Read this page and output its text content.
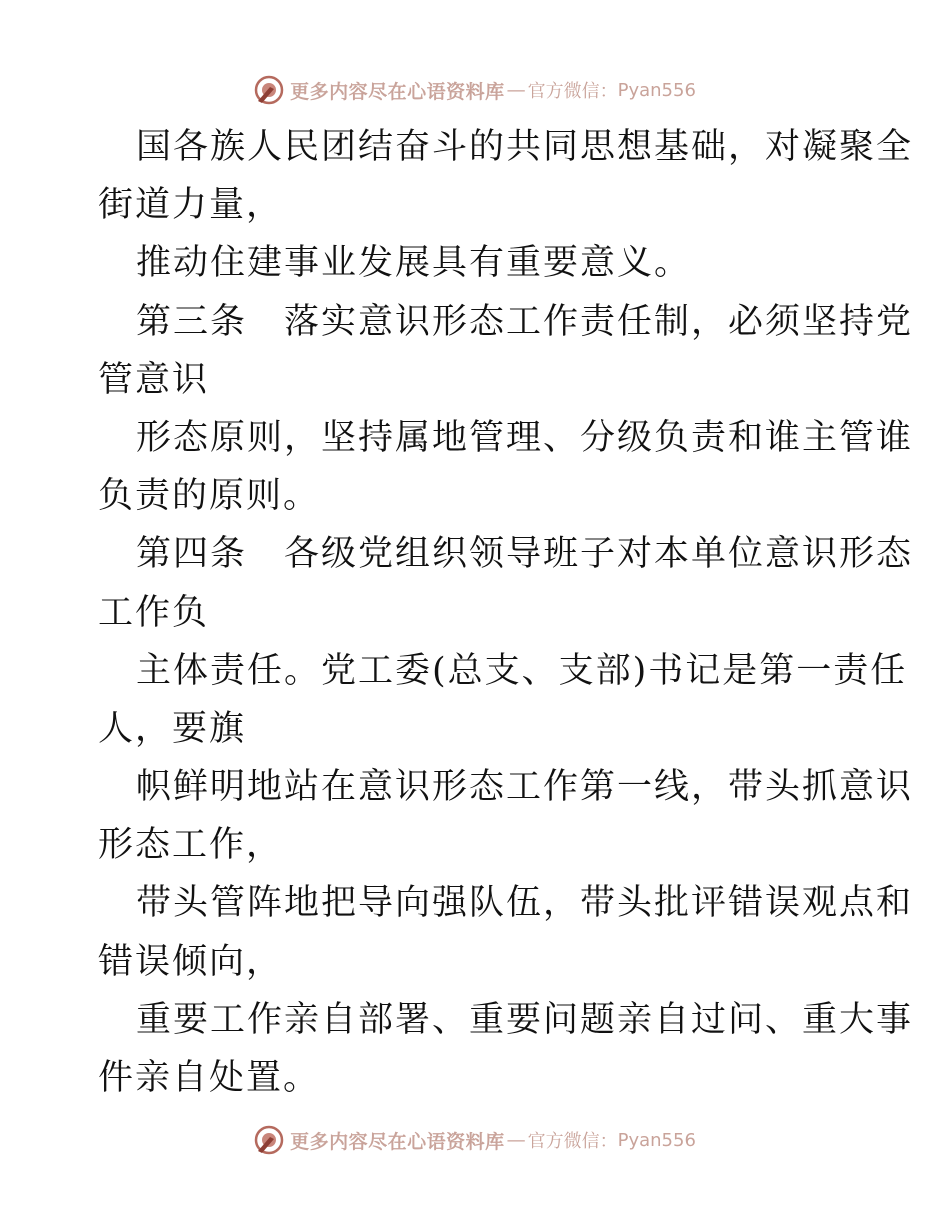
更多内容尽在心语资料库 — 官方微信： Pyan556
国各族人民团结奋斗的共同思想基础，对凝聚全
街道力量，
推动住建事业发展具有重要意义。
第三条　落实意识形态工作责任制，必须坚持党
管意识
形态原则，坚持属地管理、分级负责和谁主管谁
负责的原则。
第四条　各级党组织领导班子对本单位意识形态
工作负
主体责任。党工委(总支、支部)书记是第一责任
人，要旗
帜鲜明地站在意识形态工作第一线，带头抓意识
形态工作，
带头管阵地把导向强队伍，带头批评错误观点和
错误倾向，
重要工作亲自部署、重要问题亲自过问、重大事
件亲自处置。
更多内容尽在心语资料库 — 官方微信： Pyan556
